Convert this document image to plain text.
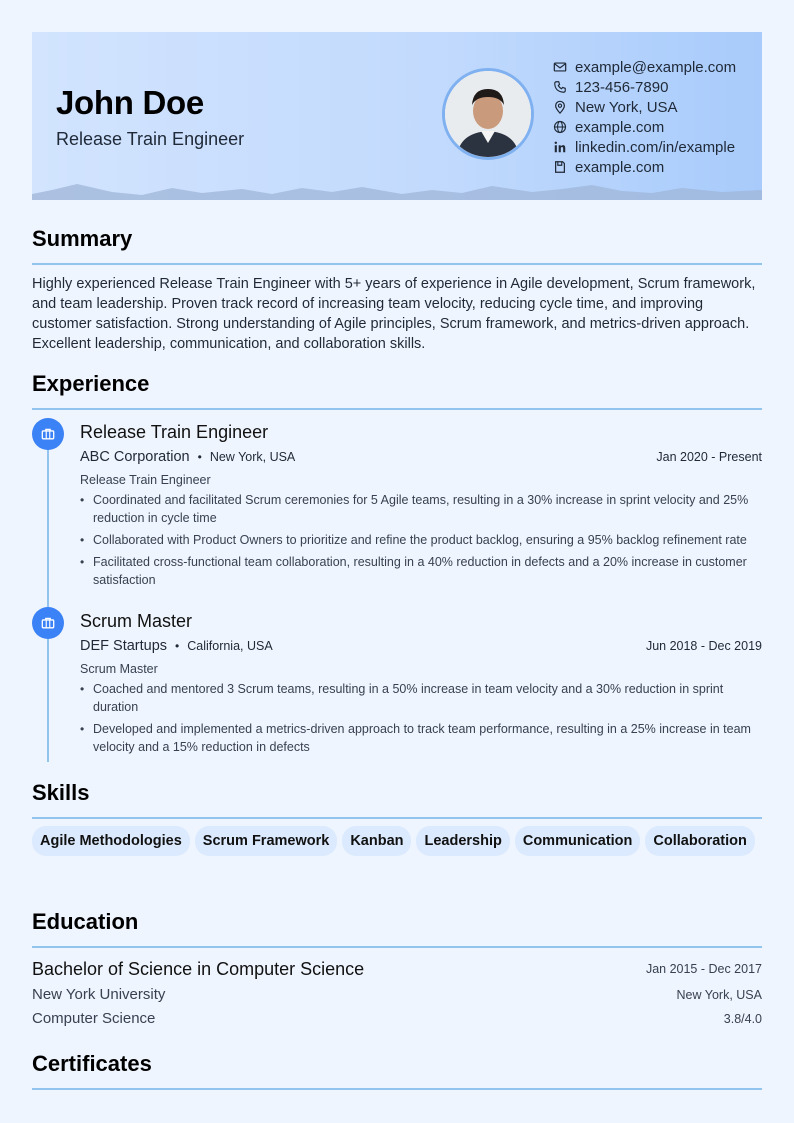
John Doe
Release Train Engineer
example@example.com
123-456-7890
New York, USA
example.com
linkedin.com/in/example
example.com
Summary

Highly experienced Release Train Engineer with 5+ years of experience in Agile development, Scrum framework, and team leadership. Proven track record of increasing team velocity, reducing cycle time, and improving customer satisfaction. Strong understanding of Agile principles, Scrum framework, and metrics-driven approach. Excellent leadership, communication, and collaboration skills.

Experience
Release Train Engineer
ABC Corporation • New York, USA	Jan 2020 - Present
Release Train Engineer
• Coordinated and facilitated Scrum ceremonies for 5 Agile teams, resulting in a 30% increase in sprint velocity and 25% reduction in cycle time
• Collaborated with Product Owners to prioritize and refine the product backlog, ensuring a 95% backlog refinement rate
• Facilitated cross-functional team collaboration, resulting in a 40% reduction in defects and a 20% increase in customer satisfaction
Scrum Master
DEF Startups • California, USA	Jun 2018 - Dec 2019
Scrum Master
• Coached and mentored 3 Scrum teams, resulting in a 50% increase in team velocity and a 30% reduction in sprint duration
• Developed and implemented a metrics-driven approach to track team performance, resulting in a 25% increase in team velocity and a 15% reduction in defects
Skills
Agile Methodologies Scrum Framework Kanban Leadership Communication Collaboration
Education
Bachelor of Science in Computer Science	Jan 2015 - Dec 2017
New York University	New York, USA
Computer Science	3.8/4.0
Certificates
